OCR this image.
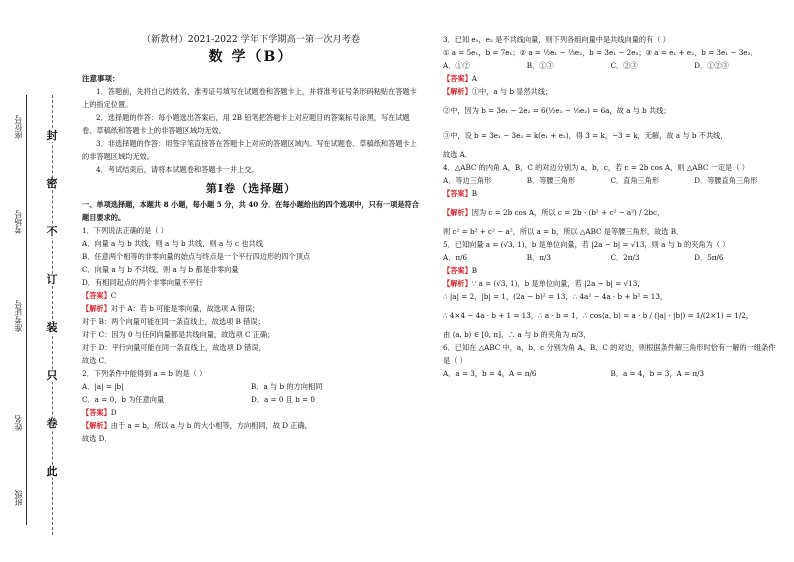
封
密
不
订
装
只
卷
此
座位号
考场号
准考证号
姓名
班级

（新教材）2021-2022 学年下学期高一第一次月考卷

数 学（B）

注意事项：

1．答题前，先将自己的姓名、准考证号填写在试题卷和答题卡上，并将准考证号条形码粘贴在答题卡上的指定位置。

2．选择题的作答：每小题选出答案后，用 2B 铅笔把答题卡上对应题目的答案标号涂黑，写在试题卷、草稿纸和答题卡上的非答题区域均无效。

3．非选择题的作答：用签字笔直接答在答题卡上对应的答题区域内。写在试题卷、草稿纸和答题卡上的非答题区域均无效。

4．考试结束后，请将本试题卷和答题卡一并上交。

第Ⅰ卷（选择题）

一、单项选择题，本题共 8 小题，每小题 5 分，共 40 分．在每小题给出的四个选项中，只有一项是符合题目要求的。

1．下列说法正确的是（ ）

A．向量 a 与 b 共线，则 a 与 b 共线，则 a 与 c 也共线

B．任意两个相等的非零向量的始点与终点是一个平行四边形的四个顶点

C．向量 a 与 b 不共线，则 a 与 b 都是非零向量

D．有相同起点的两个非零向量不平行

【答案】C

【解析】对于 A：若 b 可能是零向量，故选项 A 错误；

对于 B：两个向量可能在同一条直线上，故选项 B 错误；

对于 C：因为 0 与任何向量都是共线向量，故选项 C 正确；

对于 D：平行向量可能在同一条直线上，故选项 D 错误，

故选 C．

2．下列条件中能得到 a = b 的是（ ）

A．|a| = |b|	B．a 与 b 的方向相同
C．a = 0，b 为任意向量	D．a = 0 且 b = 0

【答案】D

【解析】由于 a = b，所以 a 与 b 的大小相等，方向相同，故 D 正确，

故选 D．

3．已知 e₁，e₂ 是不共线向量，则下列各组向量中是共线向量的有（ ）

① a = 5e₁，b = 7e₁；② a = ½e₁ − ⅓e₂，b = 3e₁ − 2e₂；③ a = e₁ + e₂，b = 3e₁ − 3e₂．

A．①②	B．①③	C．②③	D．①②③

【答案】A

【解析】①中，a 与 b 显然共线；

②中，因为 b = 3e₁ − 2e₂ = 6(½e₁ − ⅓e₂) = 6a，故 a 与 b 共线；

③中，设 b = 3e₁ − 3e₂ = k(e₁ + e₂)，得 3 = k，−3 = k，无解，故 a 与 b 不共线，

故选 A．

4．△ABC 的内角 A，B，C 的对边分别为 a，b，c，若 c = 2b cos A，则 △ABC 一定是（ ）

A．等边三角形	B．等腰三角形	C．直角三角形	D．等腰直角三角形

【答案】B

【解析】因为 c = 2b cos A，所以 c = 2b · (b² + c² − a²) / 2bc，

则 c² = b² + c² − a²，所以 a = b，所以 △ABC 是等腰三角形，故选 B．

5．已知向量 a = (√3, 1)，b 是单位向量，若 |2a − b| = √13，则 a 与 b 的夹角为（ ）

A．π/6	B．π/3	C．2π/3	D．5π/6

【答案】B

【解析】∵ a = (√3, 1)，b 是单位向量，若 |2a − b| = √13，

∴ |a| = 2，|b| = 1，(2a − b)² = 13，∴ 4a² − 4a · b + b² = 13，

∴ 4×4 − 4a · b + 1 = 13，∴ a · b = 1，∴ cos⟨a, b⟩ = a · b / (|a| · |b|) = 1/(2×1) = 1/2，

由 ⟨a, b⟩ ∈ [0, π]，∴ a 与 b 的夹角为 π/3，

6．已知在 △ABC 中，a，b，c 分别为角 A、B、C 的对边，则根据条件解三角形时恰有一解的一组条件是（ ）

A．a = 3，b = 4，A = π/6	B．a = 4，b = 3，A = π/3
